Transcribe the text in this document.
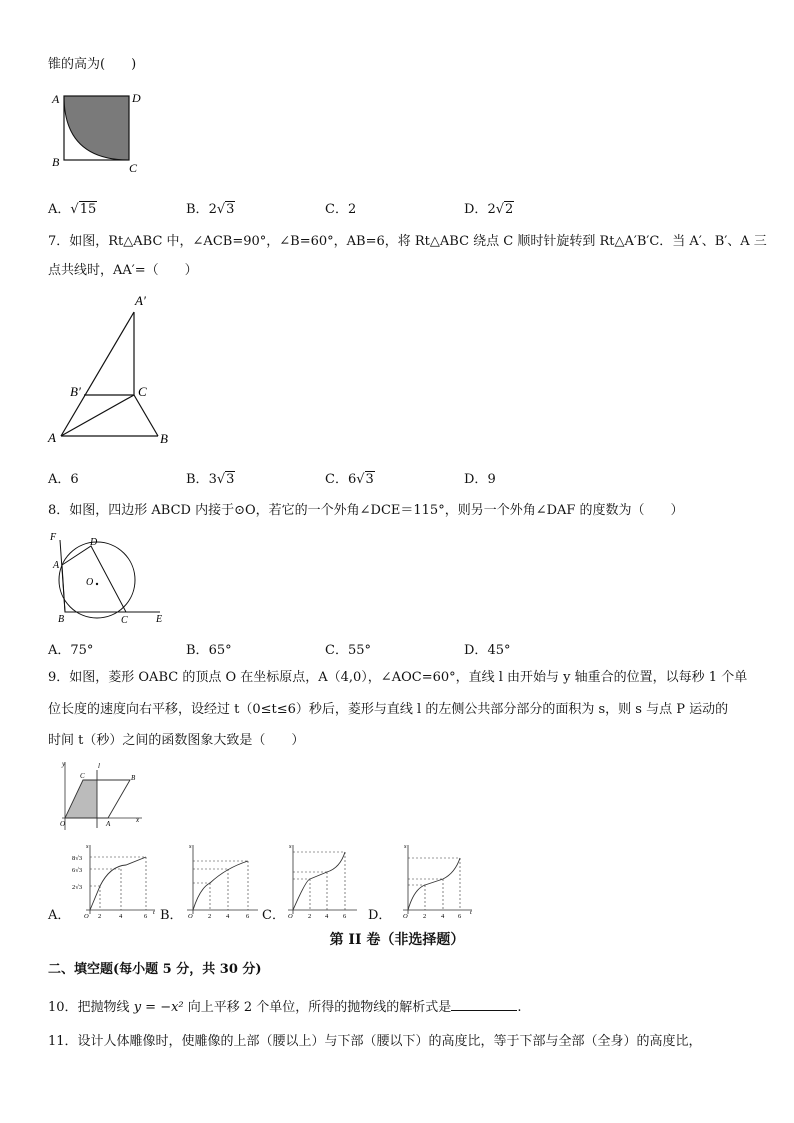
锥的高为(　　)
A	D
B	C
A．√15	B．2√3	C．2	D．2√2
7．如图，Rt△ABC 中，∠ACB=90°，∠B=60°，AB=6，将 Rt△ABC 绕点 C 顺时针旋转到 Rt△A′B′C．当 A′、B′、A 三
点共线时，AA′=（　　）
A′
B′	C
A	B
A．6	B．3√3	C．6√3	D．9
8．如图，四边形 ABCD 内接于⊙O，若它的一个外角∠DCE＝115°，则另一个外角∠DAF 的度数为（　　）
F	D
A
O
B	C	E
A．75°	B．65°	C．55°	D．45°
9．如图，菱形 OABC 的顶点 O 在坐标原点，A（4,0），∠AOC=60°，直线 l 由开始与 y 轴重合的位置，以每秒 1 个单
位长度的速度向右平移，设经过 t（0≤t≤6）秒后，菱形与直线 l 的左侧公共部分部分的面积为 s，则 s 与点 P 运动的
时间 t（秒）之间的函数图象大致是（　　）
y
x
O	A
B
C
l
8√3
6√3
2√3
s
O 2	4	6
t
A．
s
O 2 4	6
B．
s
O 2 4 6
C．
s
O 2 4 6
t
D．
第 II 卷（非选择题）
二、填空题(每小题 5 分，共 30 分)
10．把抛物线 y = −x² 向上平移 2 个单位，所得的抛物线的解析式是	.
11．设计人体雕像时，使雕像的上部（腰以上）与下部（腰以下）的高度比，等于下部与全部（全身）的高度比，
